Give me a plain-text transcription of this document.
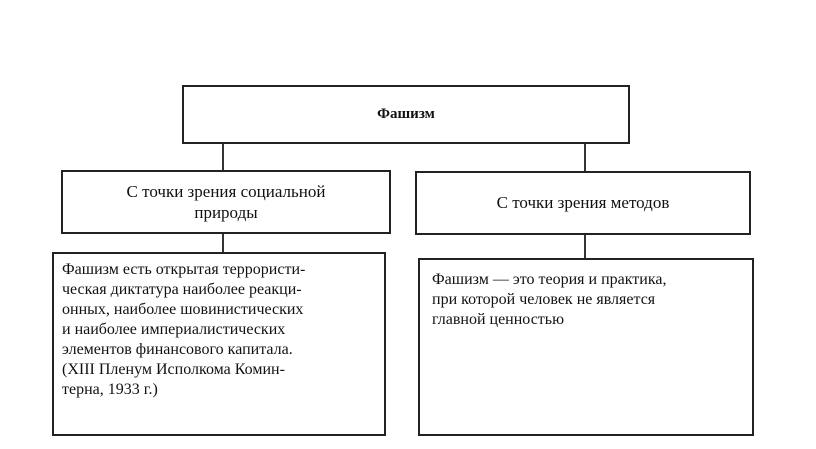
Фашизм
С точки зрения социальной
природы
С точки зрения методов
Фашизм есть открытая террористи-
ческая диктатура наиболее реакци-
онных, наиболее шовинистических
и наиболее империалистических
элементов финансового капитала.
(XIII Пленум Исполкома Комин-
терна, 1933 г.)
Фашизм — это теория и практика,
при которой человек не является
главной ценностью
